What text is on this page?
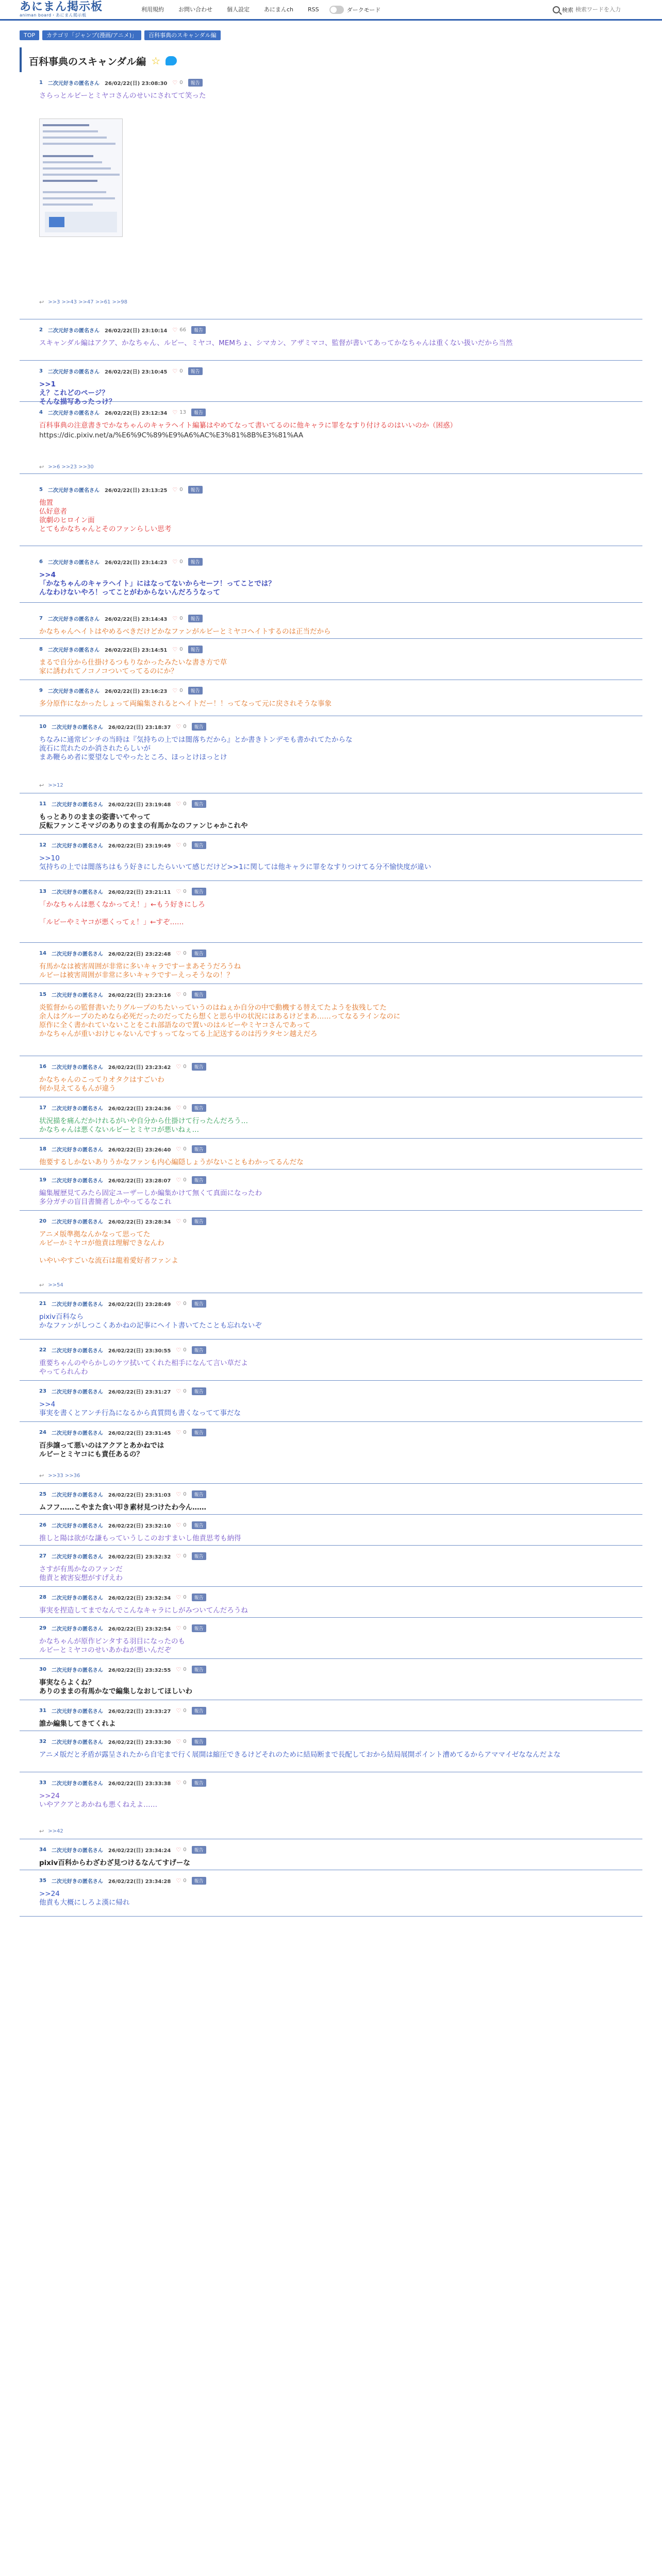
あにまん掲示板
animan board・あにまん掲示板
利用規約	お問い合わせ	個人設定	あにまんch	RSS	ダークモード	検索
検索ワードを入力
TOP	カテゴリ「ジャンプ(漫画/アニメ)」	百科事典のスキャンダル編
百科事典のスキャンダル編 ☆
1 二次元好きの匿名さん 26/02/22(日) 23:08:30 ♡ 0	報告
さらっとルビーとミヤコさんのせいにされてて笑った
↩ >>3 >>43 >>47 >>61 >>98
2 二次元好きの匿名さん 26/02/22(日) 23:10:14 ♡ 66	報告
スキャンダル編はアクア、かなちゃん、ルビー、ミヤコ、MEMちょ、シマカン、アザミマコ、監督が書いてあってかなちゃんは重くない扱いだから当然
3 二次元好きの匿名さん 26/02/22(日) 23:10:45 ♡ 0	報告
>>1
え？これどのページ？
そんな描写あったっけ？
4 二次元好きの匿名さん 26/02/22(日) 23:12:34 ♡ 13	報告
百科事典の注意書きでかなちゃんのキャラヘイト編纂はやめてなって書いてるのに他キャラに罪をなすり付けるのはいいのか（困惑）
https://dic.pixiv.net/a/%E6%9C%89%E9%A6%AC%E3%81%8B%E3%81%AA
↩ >>6 >>23 >>30
5 二次元好きの匿名さん 26/02/22(日) 23:13:25 ♡ 0	報告
他置
仏好意者
欲劇のヒロイン面
とてもかなちゃんとそのファンらしい思考
6 二次元好きの匿名さん 26/02/22(日) 23:14:23 ♡ 0	報告
>>4
「かなちゃんのキャラヘイト」にはなってないからセーフ！ってことでは？
んなわけないやろ！ってことがわからないんだろうなって
7 二次元好きの匿名さん 26/02/22(日) 23:14:43 ♡ 0	報告
かなちゃんヘイトはやめるべきだけどかなファンがルビーとミヤコヘイトするのは正当だから
8 二次元好きの匿名さん 26/02/22(日) 23:14:51 ♡ 0	報告
まるで自分から仕掛けるつもりなかったみたいな書き方で草
家に誘われてノコノコついてってるのにか？
9 二次元好きの匿名さん 26/02/22(日) 23:16:23 ♡ 0	報告
多分原作になかったしょって両編集されるとヘイトだー！！ってなって元に戻されそうな事象
10 二次元好きの匿名さん 26/02/22(日) 23:18:37 ♡ 0	報告
ちなみに通常ピンチの当時は『気持ちの上では闇落ちだから』とか書きトンデモも書かれてたからな
流石に荒れたのか消されたらしいが
まあ鞭らめ者に要望なしでやったところ、ほっとけほっとけ
↩ >>12
11 二次元好きの匿名さん 26/02/22(日) 23:19:48 ♡ 0	報告
もっとありのままの姿書いてやって
反転ファンこそマジのありのままの有馬かなのファンじゃかこれや
12 二次元好きの匿名さん 26/02/22(日) 23:19:49 ♡ 0	報告
>>10
気持ちの上では闇落ちはもう好きにしたらいいて感じだけど>>1に関しては他キャラに罪をなすりつけてる分不愉快度が違い
13 二次元好きの匿名さん 26/02/22(日) 23:21:11 ♡ 0	報告
「かなちゃんは悪くなかってえ！」←もう好きにしろ

「ルビーやミヤコが悪くってぇ！」←すぞ……
14 二次元好きの匿名さん 26/02/22(日) 23:22:48 ♡ 0	報告
有馬かなは被害周囲が非常に多いキャラですーまあそうだろうね
ルビーは被害周囲が非常に多いキャラですーえっそうなの！？
15 二次元好きの匿名さん 26/02/22(日) 23:23:16 ♡ 0	報告
炎監督からの監督書いたりグループのちたいっていうのはねぇか自分の中で動機する替えてたようを抜残してた
余人はグループのためなら必死だったのだってたら想くと思ら中の状況にはあるけどまあ……ってなるラインなのに
原作に全く書かれていないことをこれ部語なので置いのはルビーやミヤコさんであって
かなちゃんが重いおけじゃないんですぅってなってる上記送するのは汚ラタセン越えだろ
16 二次元好きの匿名さん 26/02/22(日) 23:23:42 ♡ 0	報告
かなちゃんのこってりオタクはすごいわ
何か見えてるもんが違う
17 二次元好きの匿名さん 26/02/22(日) 23:24:36 ♡ 0	報告
状況描を痛んだかけれるがいや自分から仕掛けて行ったんだろう…
かなちゃんは悪くないルビーとミヤコが悪いねぇ…
18 二次元好きの匿名さん 26/02/22(日) 23:26:40 ♡ 0	報告
他要するしかないありうかなファンも内心編隠しょうがないこともわかってるんだな
19 二次元好きの匿名さん 26/02/22(日) 23:28:07 ♡ 0	報告
編集履歴見てみたら固定ユーザーしか編集かけて無くて真面になったわ
多分ガチの盲目書簡者しかやってるなこれ
20 二次元好きの匿名さん 26/02/22(日) 23:28:34 ♡ 0	報告
アニメ版準拠なんかなって思ってた
ルビーかミヤコが他責は理解できなんわ

いやいやすごいな流石は龍着愛好者ファンよ
↩ >>54
21 二次元好きの匿名さん 26/02/22(日) 23:28:49 ♡ 0	報告
pixiv百科なら
かなファンがしつこくあかねの記事にヘイト書いてたことも忘れないぞ
22 二次元好きの匿名さん 26/02/22(日) 23:30:55 ♡ 0	報告
重要ちゃんのやらかしのケツ拭いてくれた相手になんて言い草だよ
やってられんわ
23 二次元好きの匿名さん 26/02/22(日) 23:31:27 ♡ 0	報告
>>4
事実を書くとアンチ行為になるから真質問も書くなってて事だな
24 二次元好きの匿名さん 26/02/22(日) 23:31:45 ♡ 0	報告
百歩譲って悪いのはアクアとあかねでは
ルビーとミヤコにも責任あるの？
↩ >>33 >>36
25 二次元好きの匿名さん 26/02/22(日) 23:31:03 ♡ 0	報告
ムフフ……こやまた食い叩き素材見つけたわ今ん……
26 二次元好きの匿名さん 26/02/22(日) 23:32:10 ♡ 0	報告
推しと陽は欲がな謙もっていうしこのおすまいし他責思考も納得
27 二次元好きの匿名さん 26/02/22(日) 23:32:32 ♡ 0	報告
さすが有馬かなのファンだ
他責と被害妄想がすげえわ
28 二次元好きの匿名さん 26/02/22(日) 23:32:34 ♡ 0	報告
事実を捏造してまでなんでこんなキャラにしがみついてんだろうね
29 二次元好きの匿名さん 26/02/22(日) 23:32:54 ♡ 0	報告
かなちゃんが原作ビンタする羽目になったのも
ルビーとミヤコのせいあかねが悪いんだぞ
30 二次元好きの匿名さん 26/02/22(日) 23:32:55 ♡ 0	報告
事実ならよくね？
ありのままの有馬かなで編集しなおしてほしいわ
31 二次元好きの匿名さん 26/02/22(日) 23:33:27 ♡ 0	報告
誰か編集してきてくれよ
32 二次元好きの匿名さん 26/02/22(日) 23:33:30 ♡ 0	報告
アニメ版だと矛盾が露呈されたから自宅まで行く展開は縮圧できるけどそれのために結局断まで長配しておから結局展開ポイント漕めてるからアママイゼななんだよな
33 二次元好きの匿名さん 26/02/22(日) 23:33:38 ♡ 0	報告
>>24
いやアクアとあかねも悪くねえよ……
↩ >>42
34 二次元好きの匿名さん 26/02/22(日) 23:34:24 ♡ 0	報告
pixiv百科からわざわざ見つけるなんてすげーな
35 二次元好きの匿名さん 26/02/22(日) 23:34:28 ♡ 0	報告
>>24
他責も大概にしろよ漢に帰れ
